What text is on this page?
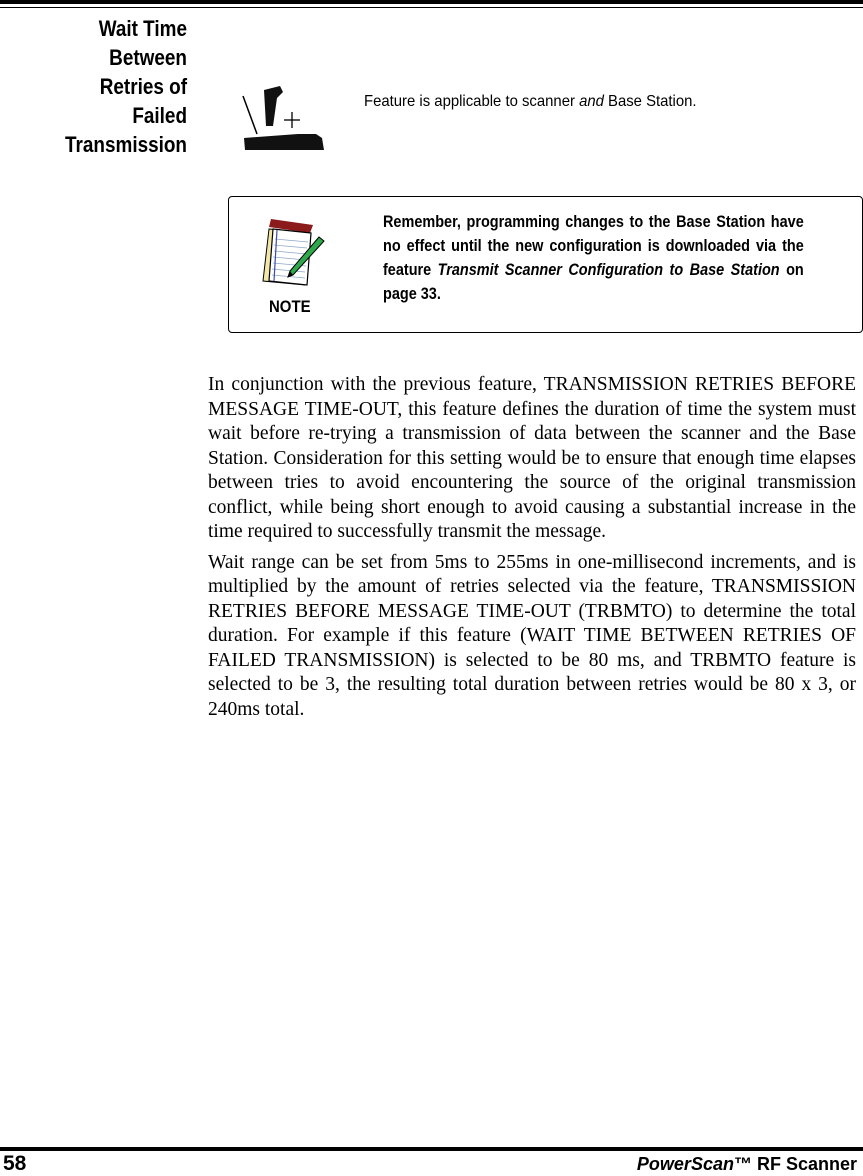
Wait Time
Between
Retries of
Failed
Transmission
Feature is applicable to scanner and Base Station.
NOTE
Remember, programming changes to the Base Station have no effect until the new configuration is downloaded via the feature Transmit Scanner Configuration to Base Station on page 33.

In conjunction with the previous feature, TRANSMISSION RETRIES BEFORE MESSAGE TIME-OUT, this feature defines the duration of time the system must wait before re-trying a transmission of data between the scanner and the Base Station. Consideration for this setting would be to ensure that enough time elapses between tries to avoid encountering the source of the original transmission conflict, while being short enough to avoid causing a substantial increase in the time required to successfully transmit the message.

Wait range can be set from 5ms to 255ms in one-millisecond increments, and is multiplied by the amount of retries selected via the feature, TRANSMISSION RETRIES BEFORE MESSAGE TIME-OUT (TRBMTO) to determine the total duration. For example if this feature (WAIT TIME BETWEEN RETRIES OF FAILED TRANSMISSION) is selected to be 80 ms, and TRBMTO feature is selected to be 3, the resulting total duration between retries would be 80 x 3, or 240ms total.

58	PowerScan™ RF Scanner
